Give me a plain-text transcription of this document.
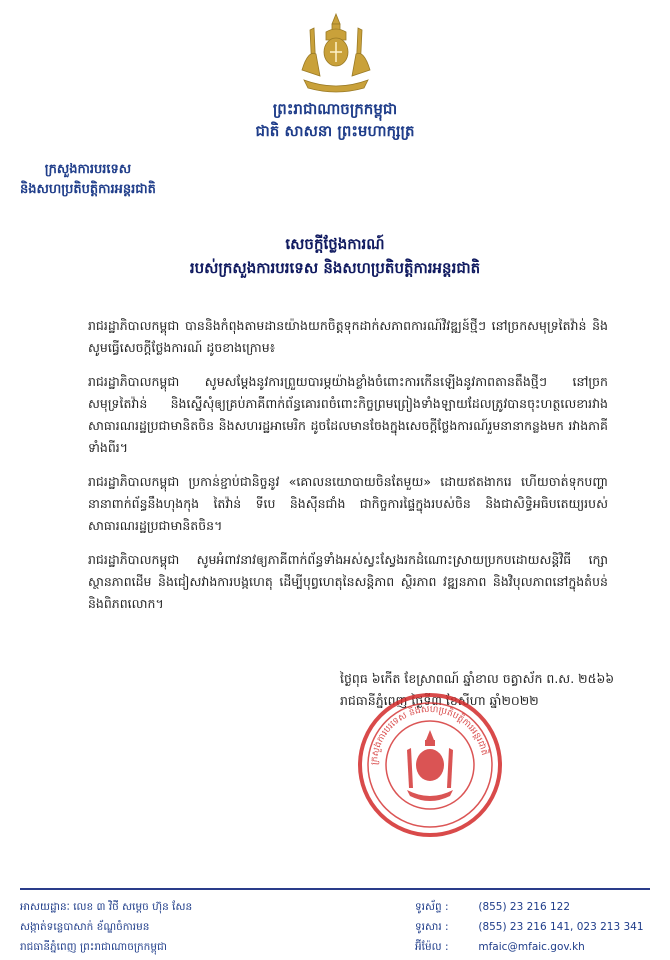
ព្រះរាជាណាចក្រកម្ពុជា
ជាតិ សាសនា ព្រះមហាក្សត្រ
ក្រសួងការបរទេស
និងសហប្រតិបត្តិការអន្តរជាតិ
សេចក្តីថ្លែងការណ៍
របស់ក្រសួងការបរទេស និងសហប្រតិបត្តិការអន្តរជាតិ

រាជរដ្ឋាភិបាលកម្ពុជា បាននិងកំពុងតាមដានយ៉ាងយកចិត្តទុកដាក់សភាពការណ៍វិវឌ្ឍន៍ថ្មីៗ នៅច្រកសមុទ្រតៃវ៉ាន់ និងសូមធ្វើសេចក្តីថ្លែងការណ៍ ដូចខាងក្រោម៖

រាជរដ្ឋាភិបាលកម្ពុជា សូមសម្តែងនូវការព្រួយបារម្ភយ៉ាងខ្លាំងចំពោះការកើនឡើងនូវភាពតានតឹងថ្មីៗ នៅច្រកសមុទ្រតៃវ៉ាន់ និងស្នើសុំឲ្យគ្រប់ភាគីពាក់ព័ន្ធគោរពចំពោះកិច្ចព្រមព្រៀងទាំងឡាយដែលត្រូវបានចុះហត្ថលេខារវាងសាធារណរដ្ឋប្រជាមានិតចិន និងសហរដ្ឋអាមេរិក ដូចដែលមានចែងក្នុងសេចក្តីថ្លែងការណ៍រួមនានាកន្លងមក រវាងភាគីទាំងពីរ។

រាជរដ្ឋាភិបាលកម្ពុជា ប្រកាន់ខ្ជាប់ជានិច្ចនូវ «គោលនយោបាយចិនតែមួយ» ដោយឥតងាករេ ហើយចាត់ទុកបញ្ហានានាពាក់ព័ន្ធនឹងហុងកុង តៃវ៉ាន់ ទីបេ និងស៊ីនជាំង ជាកិច្ចការផ្ទៃក្នុងរបស់ចិន និងជាសិទ្ធិអធិបតេយ្យរបស់សាធារណរដ្ឋប្រជាមានិតចិន។

រាជរដ្ឋាភិបាលកម្ពុជា សូមអំពាវនាវឲ្យភាគីពាក់ព័ន្ធទាំងអស់ស្វះស្វែងរកដំណោះស្រាយប្រកបដោយសន្តិវិធី ក្សោស្ថានភាពដើម និងជៀសវាងការបង្កហេតុ ដើម្បីបុព្វហេតុនៃសន្តិភាព ស្ថិរភាព វឌ្ឍនភាព និងវិបុលភាពនៅក្នុងតំបន់ និងពិភពលោក។

ថ្ងៃពុធ ៦កើត ខែស្រាពណ៍ ឆ្នាំខាល ចត្វាស័ក ព.ស. ២៥៦៦
រាជធានីភ្នំពេញ ថ្ងៃទី៣ ខែសីហា ឆ្នាំ២០២២
ក្រសួងការបរទេស និងសហប្រតិបត្តិការអន្តរជាតិ
អាសយដ្ឋានៈ លេខ ៣ វិថី សម្តេច ហ៊ុន សែន
សង្កាត់ទន្លេបាសាក់ ខ័ណ្ឌចំការមន
រាជធានីភ្នំពេញ ព្រះរាជាណាចក្រកម្ពុជា
ទូរស័ព្ទ :	(855) 23 216 122
ទូរសារ :	(855) 23 216 141, 023 213 341
អ៊ីម៉ែល :	mfaic@mfaic.gov.kh
